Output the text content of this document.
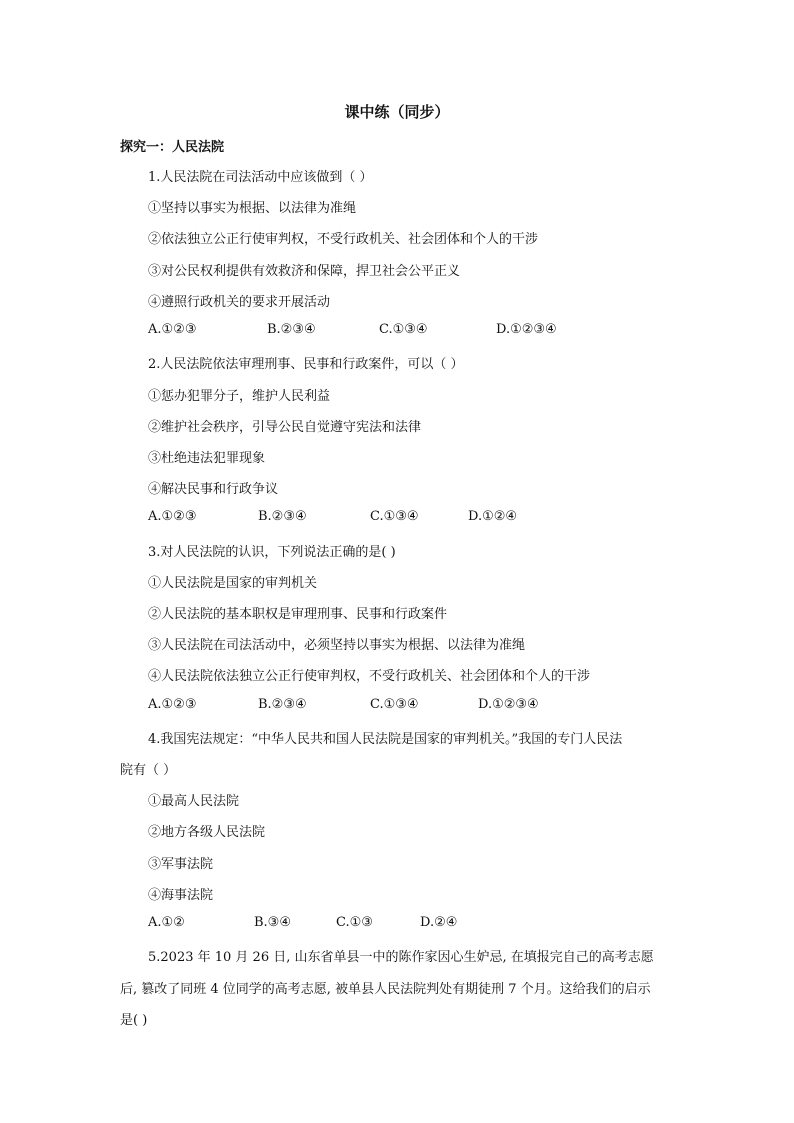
课中练（同步）
探究一：人民法院
1.人民法院在司法活动中应该做到（ ）
①坚持以事实为根据、以法律为准绳
②依法独立公正行使审判权，不受行政机关、社会团体和个人的干涉
③对公民权利提供有效救济和保障，捍卫社会公平正义
④遵照行政机关的要求开展活动
A.①②③	B.②③④	C.①③④	D.①②③④
2.人民法院依法审理刑事、民事和行政案件，可以（ ）
①惩办犯罪分子，维护人民利益
②维护社会秩序，引导公民自觉遵守宪法和法律
③杜绝违法犯罪现象
④解决民事和行政争议
A.①②③	B.②③④	C.①③④	D.①②④
3.对人民法院的认识，下列说法正确的是( )
①人民法院是国家的审判机关
②人民法院的基本职权是审理刑事、民事和行政案件
③人民法院在司法活动中，必须坚持以事实为根据、以法律为准绳
④人民法院依法独立公正行使审判权，不受行政机关、社会团体和个人的干涉
A.①②③	B.②③④	C.①③④	D.①②③④
4.我国宪法规定：“中华人民共和国人民法院是国家的审判机关。”我国的专门人民法
院有（ ）
①最高人民法院
②地方各级人民法院
③军事法院
④海事法院
A.①②	B.③④	C.①③	D.②④
5.2023 年 10 月 26 日, 山东省单县一中的陈作家因心生妒忌, 在填报完自己的高考志愿
后, 篡改了同班 4 位同学的高考志愿, 被单县人民法院判处有期徒刑 7 个月。这给我们的启示
是( )
